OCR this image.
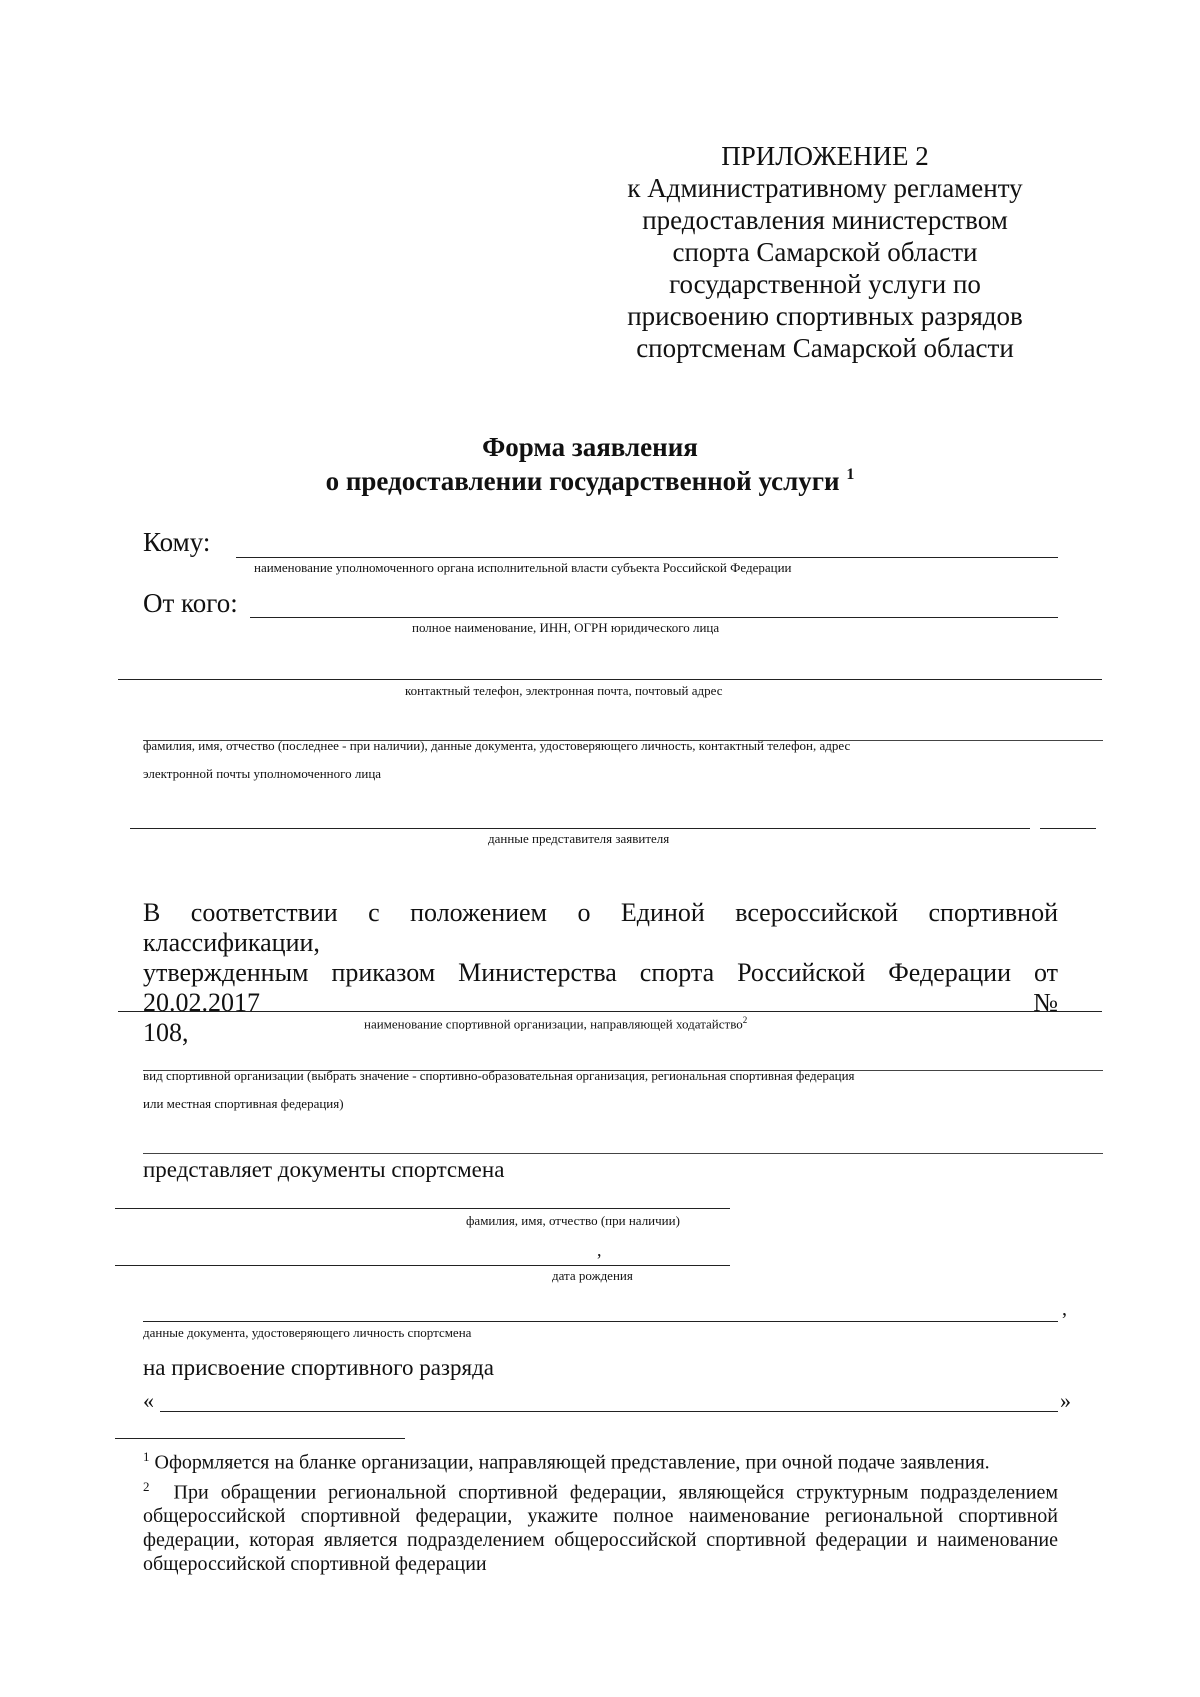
ПРИЛОЖЕНИЕ 2
к Административному регламенту
предоставления министерством
спорта Самарской области
государственной услуги по
присвоению спортивных разрядов
спортсменам Самарской области
Форма заявления
о предоставлении государственной услуги $^1$
Кому:
наименование уполномоченного органа исполнительной власти субъекта Российской Федерации
От кого:
полное наименование, ИНН, ОГРН юридического лица
контактный телефон, электронная почта, почтовый адрес
фамилия, имя, отчество (последнее - при наличии), данные документа, удостоверяющего личность, контактный телефон, адрес
электронной почты уполномоченного лица
данные представителя заявителя
В соответствии с положением о Единой всероссийской спортивной классификации,
утвержденным приказом Министерства спорта Российской Федерации от 20.02.2017 №
108,	наименование спортивной организации, направляющей ходатайство$^2$
вид спортивной организации (выбрать значение - спортивно-образовательная организация, региональная спортивная федерация
или местная спортивная федерация)
представляет документы спортсмена
фамилия, имя, отчество (при наличии)
,
дата рождения
,
данные документа, удостоверяющего личность спортсмена
на присвоение спортивного разряда
«	»
$^1$ Оформляется на бланке организации, направляющей представление, при очной подаче заявления.
$^2$ При обращении региональной спортивной федерации, являющейся структурным подразделением общероссийской спортивной федерации, укажите полное наименование региональной спортивной федерации, которая является подразделением общероссийской спортивной федерации и наименование общероссийской спортивной федерации
